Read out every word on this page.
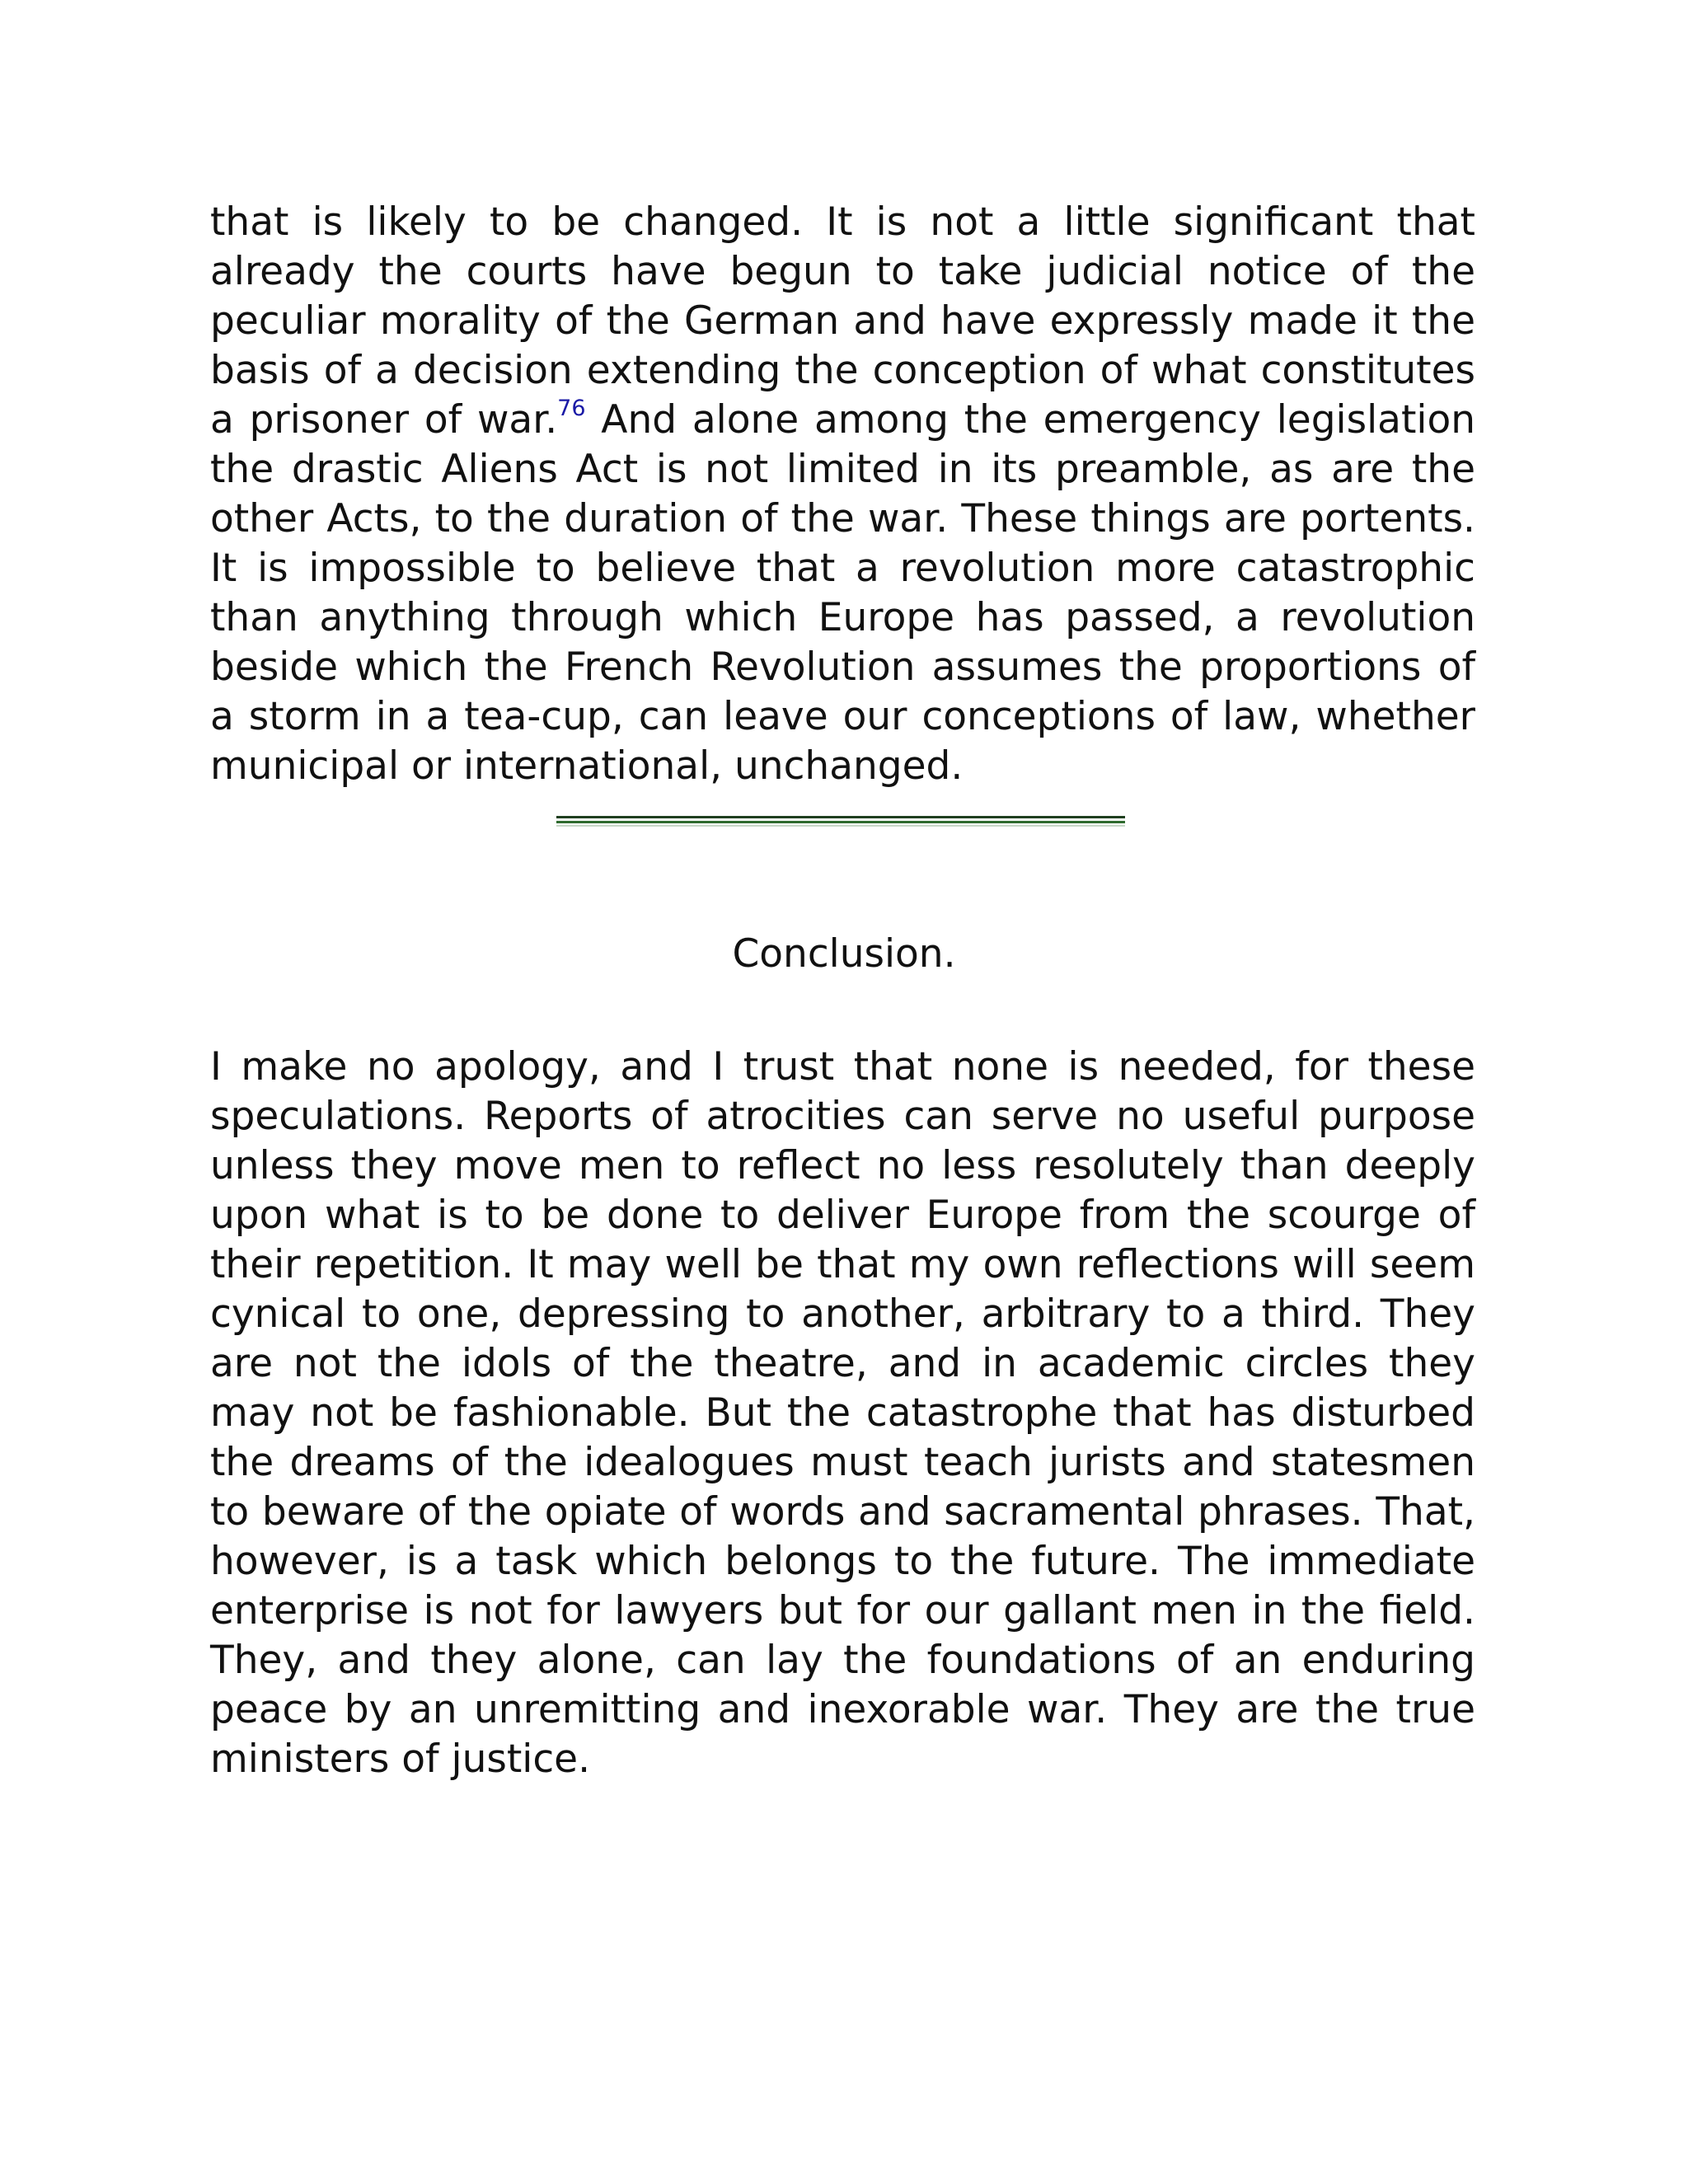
that is likely to be changed. It is not a little significant that already the courts have begun to take judicial notice of the peculiar morality of the German and have expressly made it the basis of a decision extending the conception of what constitutes a prisoner of war.$^{76}$ And alone among the emergency legislation the drastic Aliens Act is not limited in its preamble, as are the other Acts, to the duration of the war. These things are portents. It is impossible to believe that a revolution more catastrophic than anything through which Europe has passed, a revolution beside which the French Revolution assumes the proportions of a storm in a tea-cup, can leave our conceptions of law, whether municipal or international, unchanged.

Conclusion.

I make no apology, and I trust that none is needed, for these speculations. Reports of atrocities can serve no useful purpose unless they move men to reflect no less resolutely than deeply upon what is to be done to deliver Europe from the scourge of their repetition. It may well be that my own reflections will seem cynical to one, depressing to another, arbitrary to a third. They are not the idols of the theatre, and in academic circles they may not be fashionable. But the catastrophe that has disturbed the dreams of the idealogues must teach jurists and statesmen to beware of the opiate of words and sacramental phrases. That, however, is a task which belongs to the future. The immediate enterprise is not for lawyers but for our gallant men in the field. They, and they alone, can lay the foundations of an enduring peace by an unremitting and inexorable war. They are the true ministers of justice.
